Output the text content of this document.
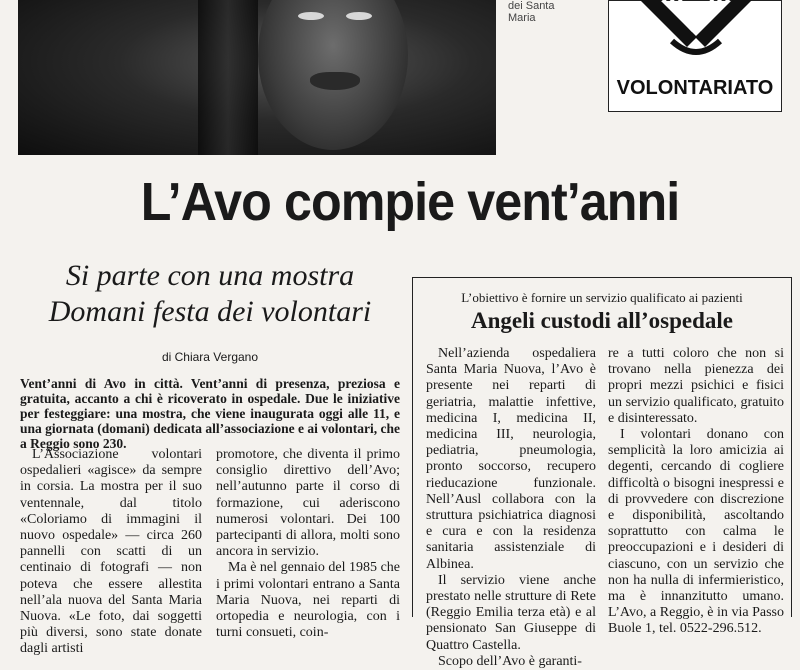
dei Santa
Maria
VOLONTARIATO
L’Avo compie vent’anni
Si parte con una mostra
Domani festa dei volontari
di Chiara Vergano
Vent’anni di Avo in città. Vent’anni di presenza, preziosa e gratuita, accanto a chi è ricoverato in ospedale. Due le iniziative per festeggiare: una mostra, che viene inaugurata oggi alle 11, e una giornata (domani) dedicata all’associazione e ai volontari, che a Reggio sono 230.

L’Associazione volontari ospedalieri «agisce» da sempre in corsia. La mostra per il suo ventennale, dal titolo «Coloriamo di immagini il nuovo ospedale» — circa 260 pannelli con scatti di un centinaio di fotografi — non poteva che essere allestita nell’ala nuova del Santa Maria Nuova. «Le foto, dai soggetti più diversi, sono state donate dagli artisti

promotore, che diventa il primo consiglio direttivo dell’Avo; nell’autunno parte il corso di formazione, cui aderiscono numerosi volontari. Dei 100 partecipanti di allora, molti sono ancora in servizio.

Ma è nel gennaio del 1985 che i primi volontari entrano a Santa Maria Nuova, nei reparti di ortopedia e neurologia, con i turni consueti, coin-

L’obiettivo è fornire un servizio qualificato ai pazienti
Angeli custodi all’ospedale

Nell’azienda ospedaliera Santa Maria Nuova, l’Avo è presente nei reparti di geriatria, malattie infettive, medicina I, medicina II, medicina III, neurologia, pediatria, pneumologia, pronto soccorso, recupero rieducazione funzionale. Nell’Ausl collabora con la struttura psichiatrica diagnosi e cura e con la residenza sanitaria assistenziale di Albinea.

Il servizio viene anche prestato nelle strutture di Rete (Reggio Emilia terza età) e al pensionato San Giuseppe di Quattro Castella.

Scopo dell’Avo è garanti-

re a tutti coloro che non si trovano nella pienezza dei propri mezzi psichici e fisici un servizio qualificato, gratuito e disinteressato.

I volontari donano con semplicità la loro amicizia ai degenti, cercando di cogliere difficoltà o bisogni inespressi e di provvedere con discrezione e disponibilità, ascoltando soprattutto con calma le preoccupazioni e i desideri di ciascuno, con un servizio che non ha nulla di infermieristico, ma è innanzitutto umano. L’Avo, a Reggio, è in via Passo Buole 1, tel. 0522-296.512.
